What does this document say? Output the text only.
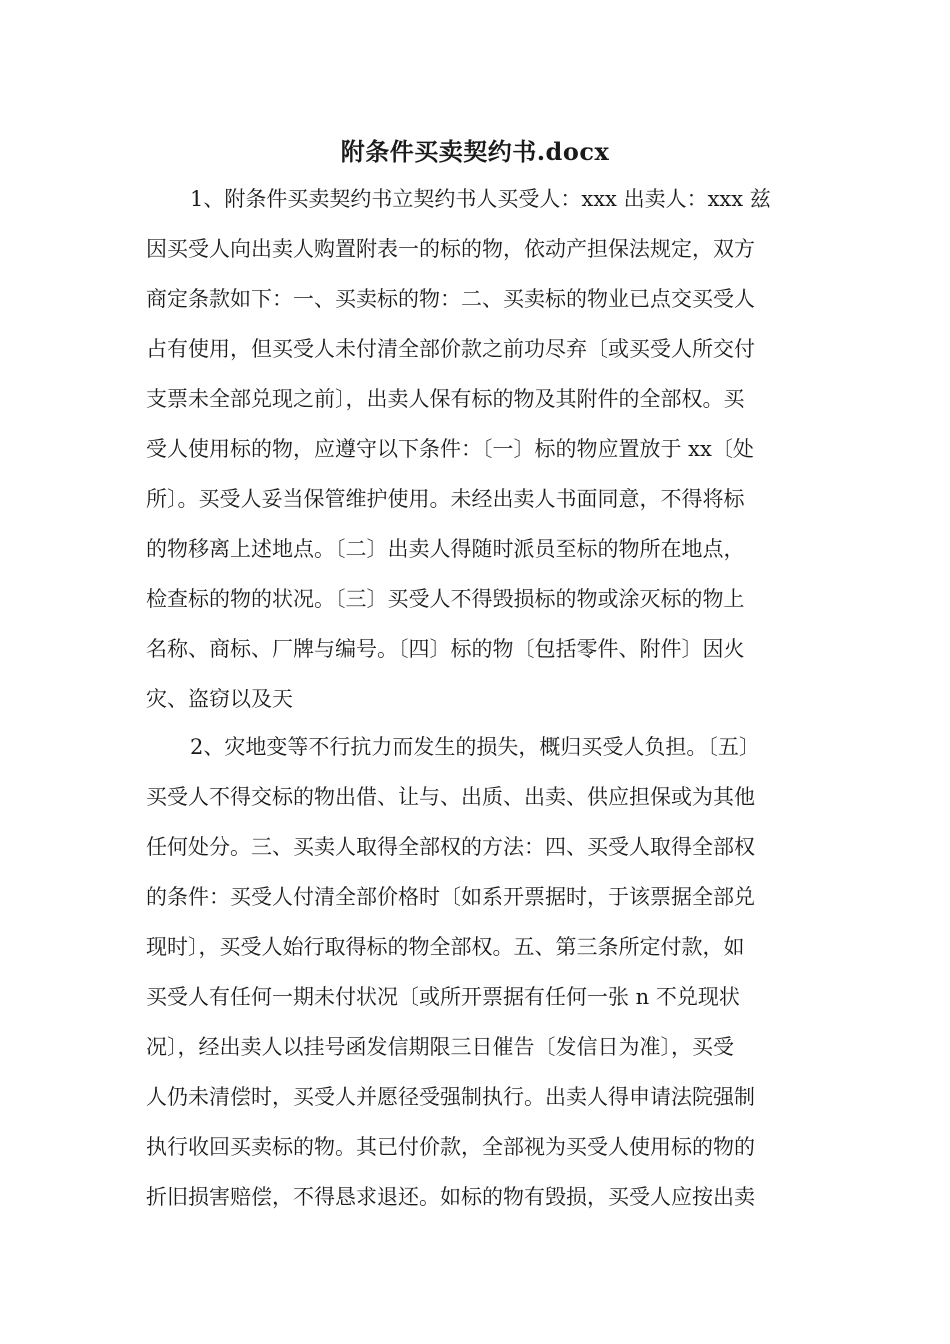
附条件买卖契约书.docx
1、附条件买卖契约书立契约书人买受人：xxx 出卖人：xxx 兹
因买受人向出卖人购置附表一的标的物，依动产担保法规定，双方
商定条款如下：一、买卖标的物：二、买卖标的物业已点交买受人
占有使用，但买受人未付清全部价款之前功尽弃〔或买受人所交付
支票未全部兑现之前〕，出卖人保有标的物及其附件的全部权。买
受人使用标的物，应遵守以下条件：〔一〕标的物应置放于 xx〔处
所〕。买受人妥当保管维护使用。未经出卖人书面同意，不得将标
的物移离上述地点。〔二〕出卖人得随时派员至标的物所在地点，
检查标的物的状况。〔三〕买受人不得毁损标的物或涂灭标的物上
名称、商标、厂牌与编号。〔四〕标的物〔包括零件、附件〕因火
灾、盗窃以及天
2、灾地变等不行抗力而发生的损失，概归买受人负担。〔五〕
买受人不得交标的物出借、让与、出质、出卖、供应担保或为其他
任何处分。三、买卖人取得全部权的方法：四、买受人取得全部权
的条件：买受人付清全部价格时〔如系开票据时，于该票据全部兑
现时〕，买受人始行取得标的物全部权。五、第三条所定付款，如
买受人有任何一期未付状况〔或所开票据有任何一张 n 不兑现状
况〕，经出卖人以挂号函发信期限三日催告〔发信日为准〕，买受
人仍未清偿时，买受人并愿径受强制执行。出卖人得申请法院强制
执行收回买卖标的物。其已付价款，全部视为买受人使用标的物的
折旧损害赔偿，不得恳求退还。如标的物有毁损，买受人应按出卖
